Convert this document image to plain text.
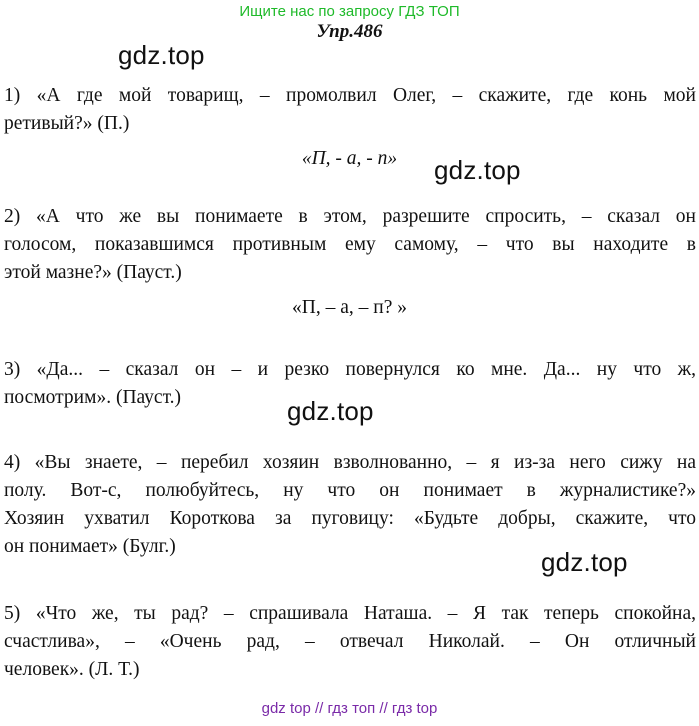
Ищите нас по запросу ГДЗ ТОП
Упр.486
gdz.top
gdz.top
gdz.top
gdz.top
1) «А где мой товарищ, – промолвил Олег, – скажите, где конь мой
ретивый?» (П.)
«П, - а, - п»
2) «А что же вы понимаете в этом, разрешите спросить, – сказал он
голосом, показавшимся противным ему самому, – что вы находите в
этой мазне?» (Пауст.)
«П, – а, – п? »
3) «Да... – сказал он – и резко повернулся ко мне. Да... ну что ж,
посмотрим». (Пауст.)
4) «Вы знаете, – перебил хозяин взволнованно, – я из-за него сижу на
полу. Вот-с, полюбуйтесь, ну что он понимает в журналистике?»
Хозяин ухватил Короткова за пуговицу: «Будьте добры, скажите, что
он понимает» (Булг.)
5) «Что же, ты рад? – спрашивала Наташа. – Я так теперь спокойна,
счастлива», – «Очень рад, – отвечал Николай. – Он отличный
человек». (Л. Т.)
gdz top // гдз топ // гдз top
